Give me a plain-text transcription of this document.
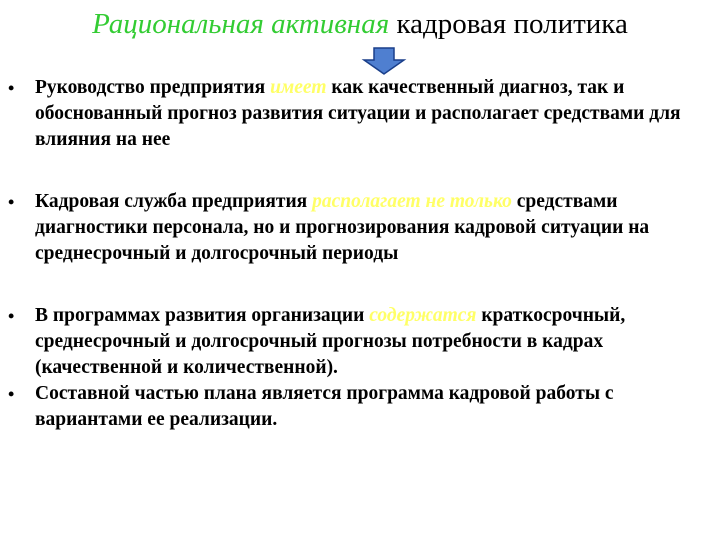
Рациональная активная кадровая политика
• Руководство предприятия имеет как качественный диагноз, так и обоснованный прогноз развития ситуации и располагает средствами для влияния на нее
• Кадровая служба предприятия располагает не только средствами диагностики персонала, но и прогнозирования кадровой ситуации на среднесрочный и долгосрочный периоды
• В программах развития организации содержатся краткосрочный, среднесрочный и долгосрочный прогнозы потребности в кадрах (качественной и количественной).
• Составной частью плана является программа кадровой работы с вариантами ее реализации.
